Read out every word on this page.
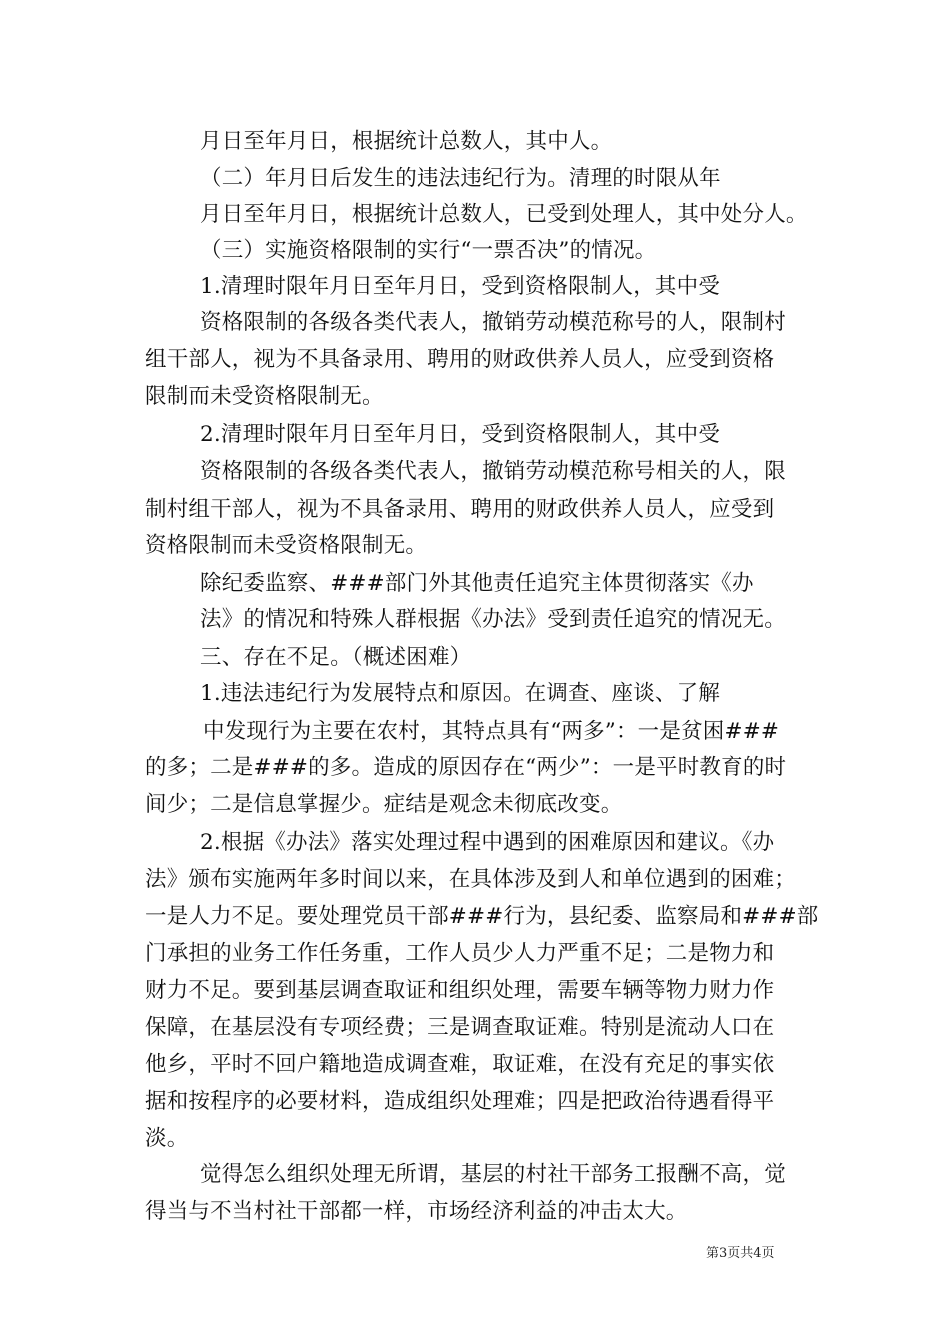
月日至年月日，根据统计总数人，其中人。
（二）年月日后发生的违法违纪行为。清理的时限从年
月日至年月日，根据统计总数人，已受到处理人，其中处分人。
（三）实施资格限制的实行“一票否决”的情况。
1.清理时限年月日至年月日，受到资格限制人，其中受
资格限制的各级各类代表人，撤销劳动模范称号的人，限制村
组干部人，视为不具备录用、聘用的财政供养人员人，应受到资格
限制而未受资格限制无。
2.清理时限年月日至年月日，受到资格限制人，其中受
资格限制的各级各类代表人，撤销劳动模范称号相关的人，限
制村组干部人，视为不具备录用、聘用的财政供养人员人，应受到
资格限制而未受资格限制无。
除纪委监察、###部门外其他责任追究主体贯彻落实《办
法》的情况和特殊人群根据《办法》受到责任追究的情况无。
三、存在不足。（概述困难）
1.违法违纪行为发展特点和原因。在调查、座谈、了解
中发现行为主要在农村，其特点具有“两多”：一是贫困###
的多；二是###的多。造成的原因存在“两少”：一是平时教育的时
间少；二是信息掌握少。症结是观念未彻底改变。
2.根据《办法》落实处理过程中遇到的困难原因和建议。《办
法》颁布实施两年多时间以来，在具体涉及到人和单位遇到的困难；
一是人力不足。要处理党员干部###行为，县纪委、监察局和###部
门承担的业务工作任务重，工作人员少人力严重不足；二是物力和
财力不足。要到基层调查取证和组织处理，需要车辆等物力财力作
保障，在基层没有专项经费；三是调查取证难。特别是流动人口在
他乡，平时不回户籍地造成调查难，取证难，在没有充足的事实依
据和按程序的必要材料，造成组织处理难；四是把政治待遇看得平
淡。
觉得怎么组织处理无所谓，基层的村社干部务工报酬不高，觉
得当与不当村社干部都一样，市场经济利益的冲击太大。
第3页共4页
